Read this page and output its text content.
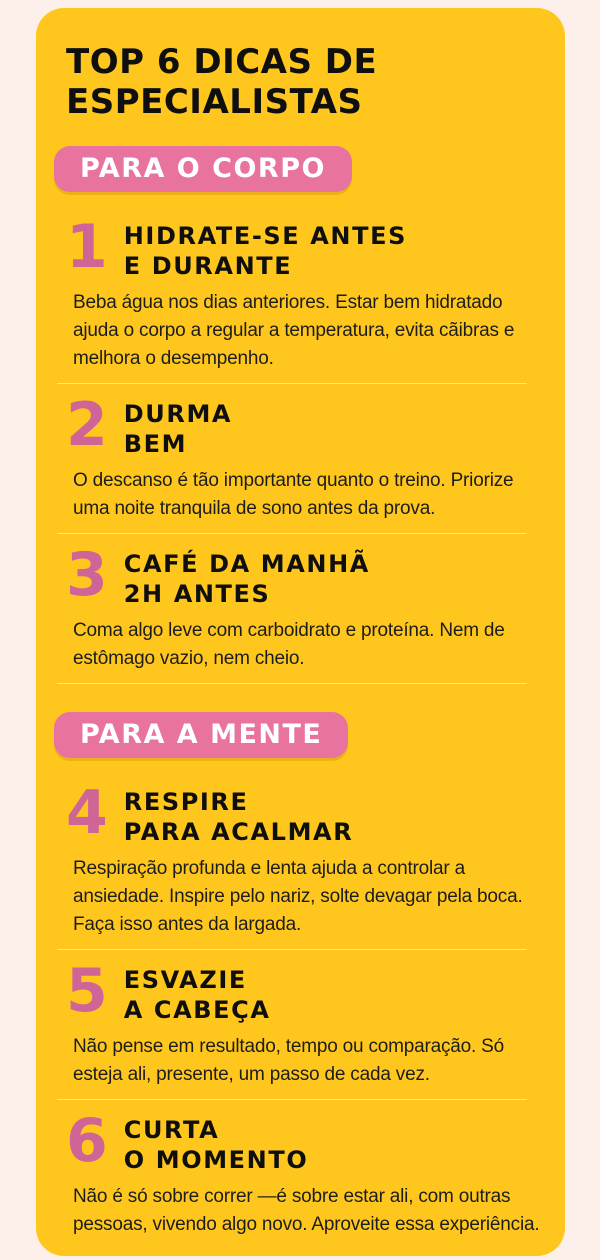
TOP 6 DICAS DE
ESPECIALISTAS
PARA O CORPO
1 HIDRATE-SE ANTES
E DURANTE

Beba água nos dias anteriores. Estar bem hidratado ajuda o corpo a regular a temperatura, evita cãibras e melhora o desempenho.

2 DURMA
BEM

O descanso é tão importante quanto o treino. Priorize uma noite tranquila de sono antes da prova.

3 CAFÉ DA MANHÃ
2H ANTES

Coma algo leve com carboidrato e proteína. Nem de estômago vazio, nem cheio.

PARA A MENTE
4 RESPIRE
PARA ACALMAR

Respiração profunda e lenta ajuda a controlar a ansiedade. Inspire pelo nariz, solte devagar pela boca. Faça isso antes da largada.

5 ESVAZIE
A CABEÇA

Não pense em resultado, tempo ou comparação. Só esteja ali, presente, um passo de cada vez.

6 CURTA
O MOMENTO

Não é só sobre correr —é sobre estar ali, com outras pessoas, vivendo algo novo. Aproveite essa experiência.
